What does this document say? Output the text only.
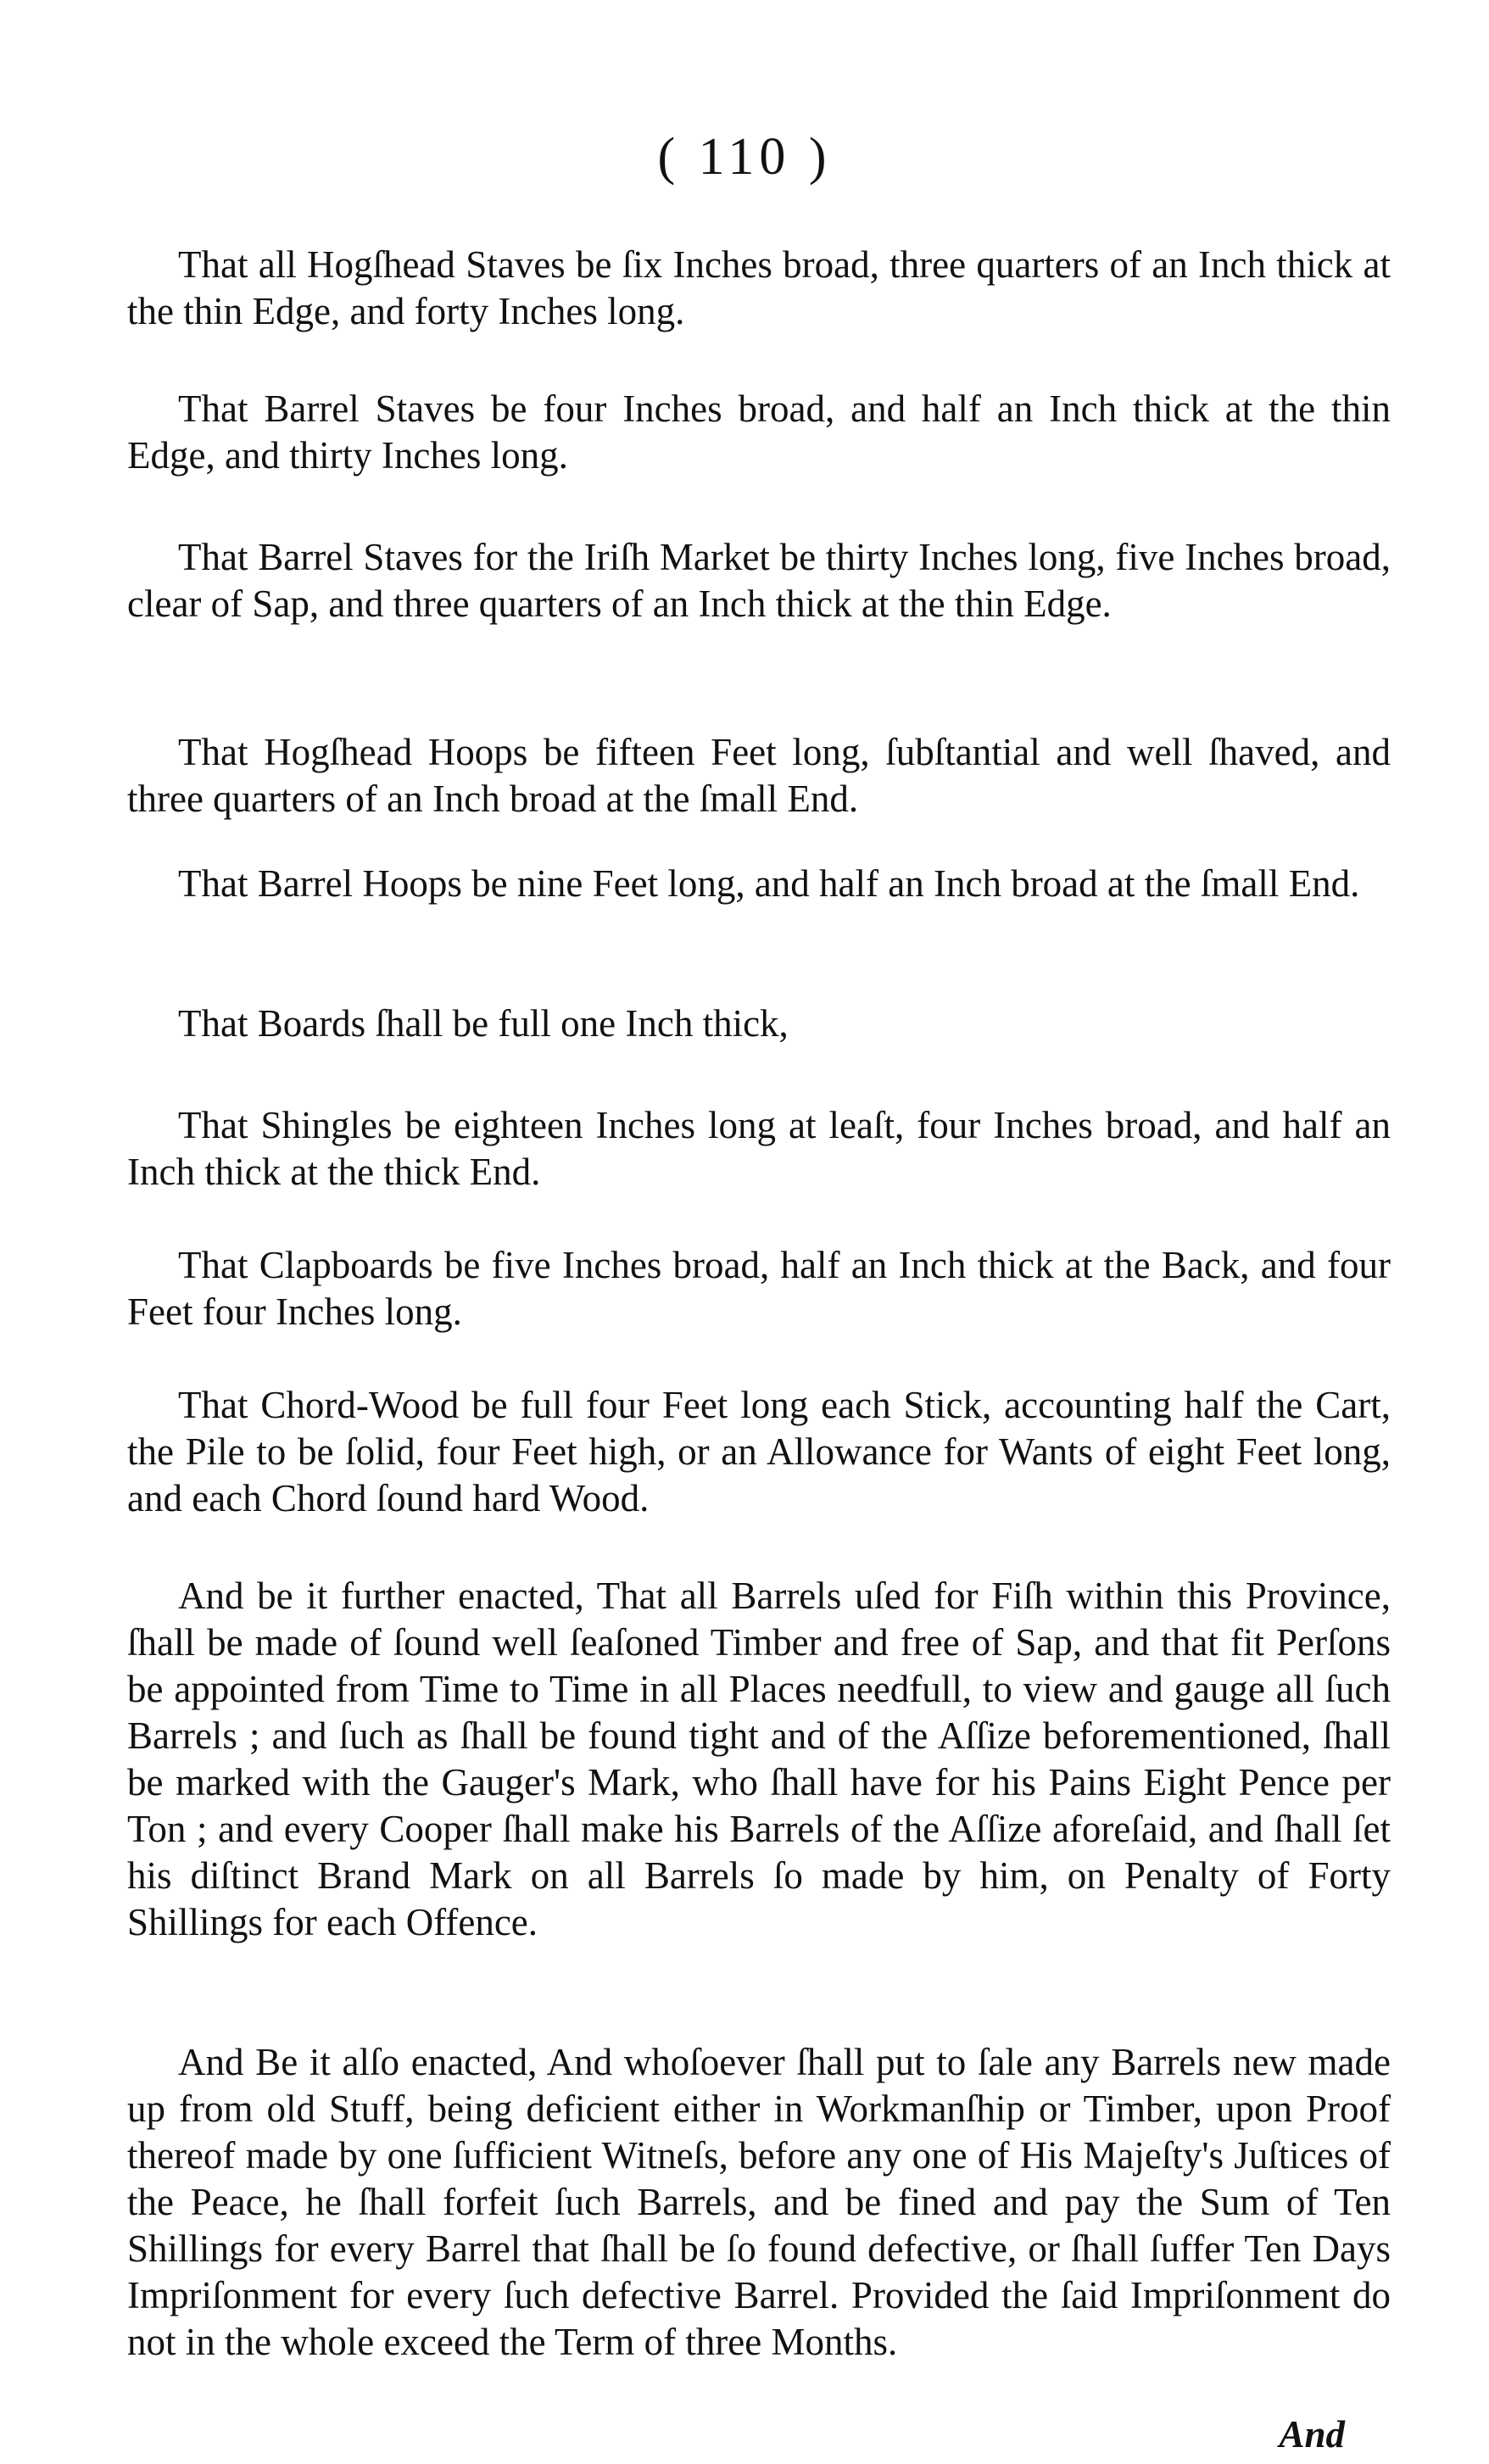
( 110 )

That all Hogſhead Staves be ſix Inches broad, three quarters of an Inch thick at the thin Edge, and forty Inches long.

That Barrel Staves be four Inches broad, and half an Inch thick at the thin Edge, and thirty Inches long.

That Barrel Staves for the Iriſh Market be thirty Inches long, five Inches broad, clear of Sap, and three quarters of an Inch thick at the thin Edge.

That Hogſhead Hoops be fifteen Feet long, ſubſtantial and well ſhaved, and three quarters of an Inch broad at the ſmall End.

That Barrel Hoops be nine Feet long, and half an Inch broad at the ſmall End.

That Boards ſhall be full one Inch thick,

That Shingles be eighteen Inches long at leaſt, four Inches broad, and half an Inch thick at the thick End.

That Clapboards be five Inches broad, half an Inch thick at the Back, and four Feet four Inches long.

That Chord-Wood be full four Feet long each Stick, accounting half the Cart, the Pile to be ſolid, four Feet high, or an Allowance for Wants of eight Feet long, and each Chord ſound hard Wood.

And be it further enacted, That all Barrels uſed for Fiſh within this Province, ſhall be made of ſound well ſeaſoned Timber and free of Sap, and that fit Perſons be appointed from Time to Time in all Places needfull, to view and gauge all ſuch Barrels ; and ſuch as ſhall be found tight and of the Aſſize beforementioned, ſhall be marked with the Gauger's Mark, who ſhall have for his Pains Eight Pence per Ton ; and every Cooper ſhall make his Barrels of the Aſſize aforeſaid, and ſhall ſet his diſtinct Brand Mark on all Barrels ſo made by him, on Penalty of Forty Shillings for each Offence.

And Be it alſo enacted, And whoſoever ſhall put to ſale any Barrels new made up from old Stuff, being deficient either in Workmanſhip or Timber, upon Proof thereof made by one ſufficient Witneſs, before any one of His Majeſty's Juſtices of the Peace, he ſhall forfeit ſuch Barrels, and be fined and pay the Sum of Ten Shillings for every Barrel that ſhall be ſo found defective, or ſhall ſuffer Ten Days Impriſonment for every ſuch defective Barrel. Provided the ſaid Impriſonment do not in the whole exceed the Term of three Months.

And
